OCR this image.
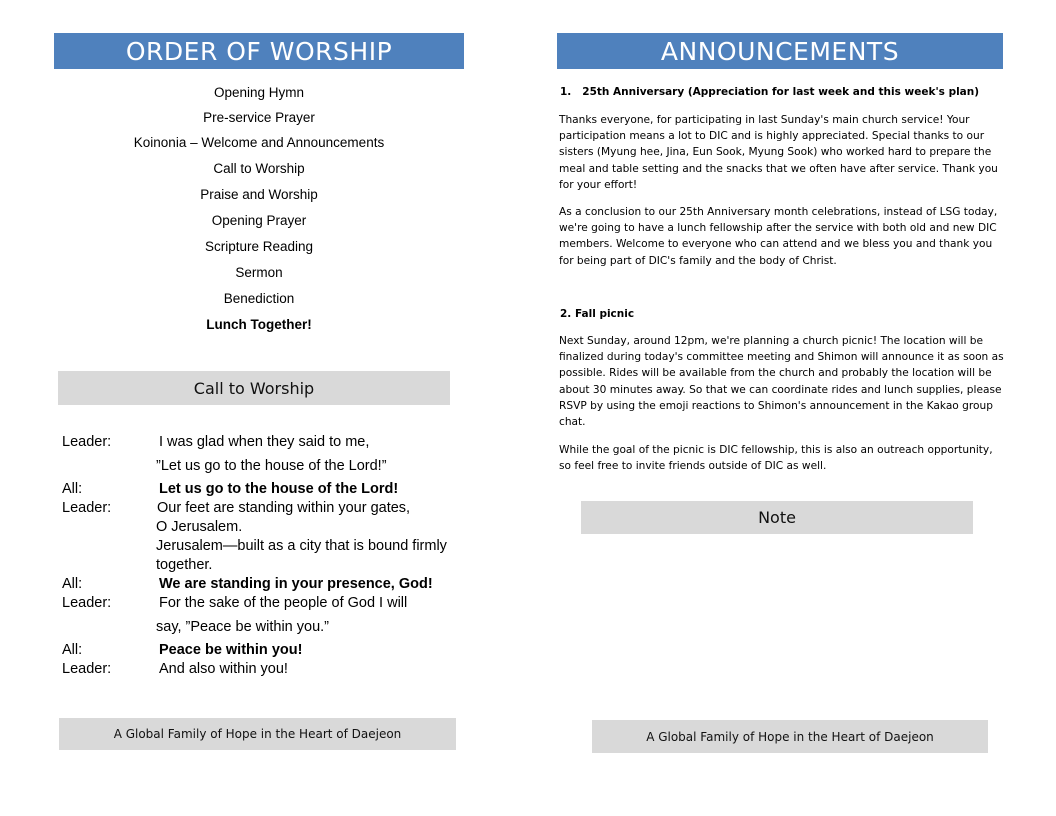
ORDER OF WORSHIP
Opening Hymn
Pre-service Prayer
Koinonia – Welcome and Announcements
Call to Worship
Praise and Worship
Opening Prayer
Scripture Reading
Sermon
Benediction
Lunch Together!
Call to Worship
Leader:	I was glad when they said to me,
”Let us go to the house of the Lord!”
All:	Let us go to the house of the Lord!
Leader:	Our feet are standing within your gates,
O Jerusalem.
Jerusalem—built as a city that is bound firmly
together.
All:	We are standing in your presence, God!
Leader:	For the sake of the people of God I will
say, ”Peace be within you.”
All:	Peace be within you!
Leader:	And also within you!
A Global Family of Hope in the Heart of Daejeon
ANNOUNCEMENTS
1.   25th Anniversary (Appreciation for last week and this week's plan)
Thanks everyone, for participating in last Sunday's main church service! Your participation means a lot to DIC and is highly appreciated. Special thanks to our sisters (Myung hee, Jina, Eun Sook, Myung Sook) who worked hard to prepare the meal and table setting and the snacks that we often have after service. Thank you for your effort!
As a conclusion to our 25th Anniversary month celebrations, instead of LSG today, we're going to have a lunch fellowship after the service with both old and new DIC members. Welcome to everyone who can attend and we bless you and thank you for being part of DIC's family and the body of Christ.
2. Fall picnic
Next Sunday, around 12pm, we're planning a church picnic! The location will be finalized during today's committee meeting and Shimon will announce it as soon as possible. Rides will be available from the church and probably the location will be about 30 minutes away. So that we can coordinate rides and lunch supplies, please RSVP by using the emoji reactions to Shimon's announcement in the Kakao group chat.
While the goal of the picnic is DIC fellowship, this is also an outreach opportunity, so feel free to invite friends outside of DIC as well.
Note
A Global Family of Hope in the Heart of Daejeon
